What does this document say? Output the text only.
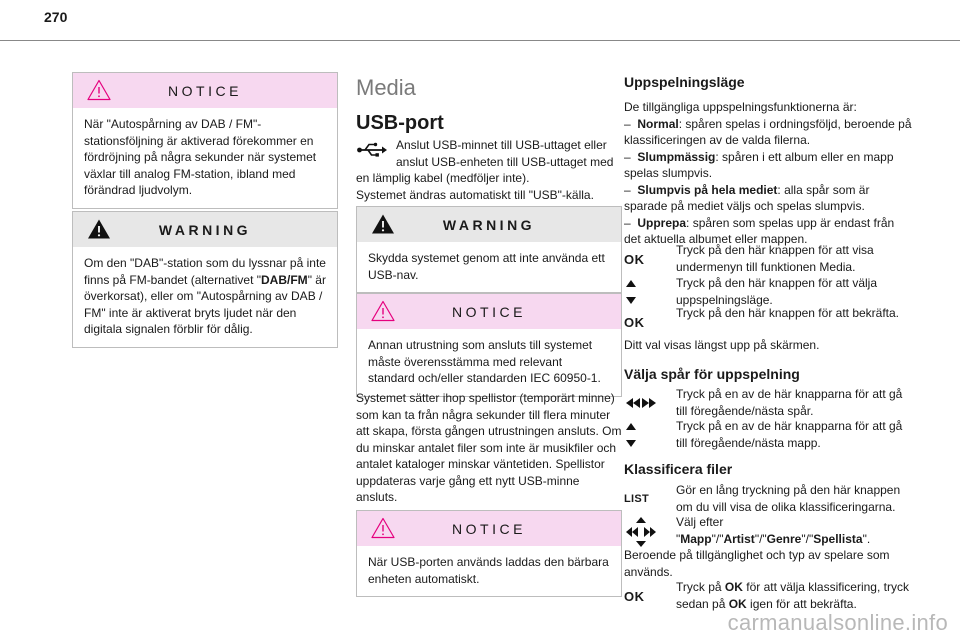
270
NOTICE
När "Autospårning av DAB / FM"-stationsföljning är aktiverad förekommer en fördröjning på några sekunder när systemet växlar till analog FM-station, ibland med förändrad ljudvolym.
WARNING
Om den "DAB"-station som du lyssnar på inte finns på FM-bandet (alternativet "DAB/FM" är överkorsat), eller om "Autospårning av DAB / FM" inte är aktiverat bryts ljudet när den digitala signalen förblir för dålig.
Media
USB-port
Anslut USB-minnet till USB-uttaget eller anslut USB-enheten till USB-uttaget med
en lämplig kabel (medföljer inte).
Systemet ändras automatiskt till "USB"-källa.
WARNING
Skydda systemet genom att inte använda ett USB-nav.
NOTICE
Annan utrustning som ansluts till systemet måste överensstämma med relevant standard och/eller standarden IEC 60950-1.
Systemet sätter ihop spellistor (temporärt minne) som kan ta från några sekunder till flera minuter att skapa, första gången utrustningen ansluts. Om du minskar antalet filer som inte är musikfiler och antalet kataloger minskar väntetiden. Spellistor uppdateras varje gång ett nytt USB-minne ansluts.
NOTICE
När USB-porten används laddas den bärbara enheten automatiskt.
Uppspelningsläge
De tillgängliga uppspelningsfunktionerna är:
– Normal: spåren spelas i ordningsföljd, beroende på klassificeringen av de valda filerna.
– Slumpmässig: spåren i ett album eller en mapp spelas slumpvis.
– Slumpvis på hela mediet: alla spår som är sparade på mediet väljs och spelas slumpvis.
– Upprepa: spåren som spelas upp är endast från det aktuella albumet eller mappen.
OK
Tryck på den här knappen för att visa undermenyn till funktionen Media.
Tryck på den här knappen för att välja uppspelningsläge.
OK
Tryck på den här knappen för att bekräfta.
Ditt val visas längst upp på skärmen.
Välja spår för uppspelning
Tryck på en av de här knapparna för att gå till föregående/nästa spår.
Tryck på en av de här knapparna för att gå till föregående/nästa mapp.
Klassificera filer
LIST
Gör en lång tryckning på den här knappen om du vill visa de olika klassificeringarna.
Välj efter
"Mapp"/"Artist"/"Genre"/"Spellista".
Beroende på tillgänglighet och typ av spelare som används.
OK
Tryck på OK för att välja klassificering, tryck sedan på OK igen för att bekräfta.
carmanualsonline.info
